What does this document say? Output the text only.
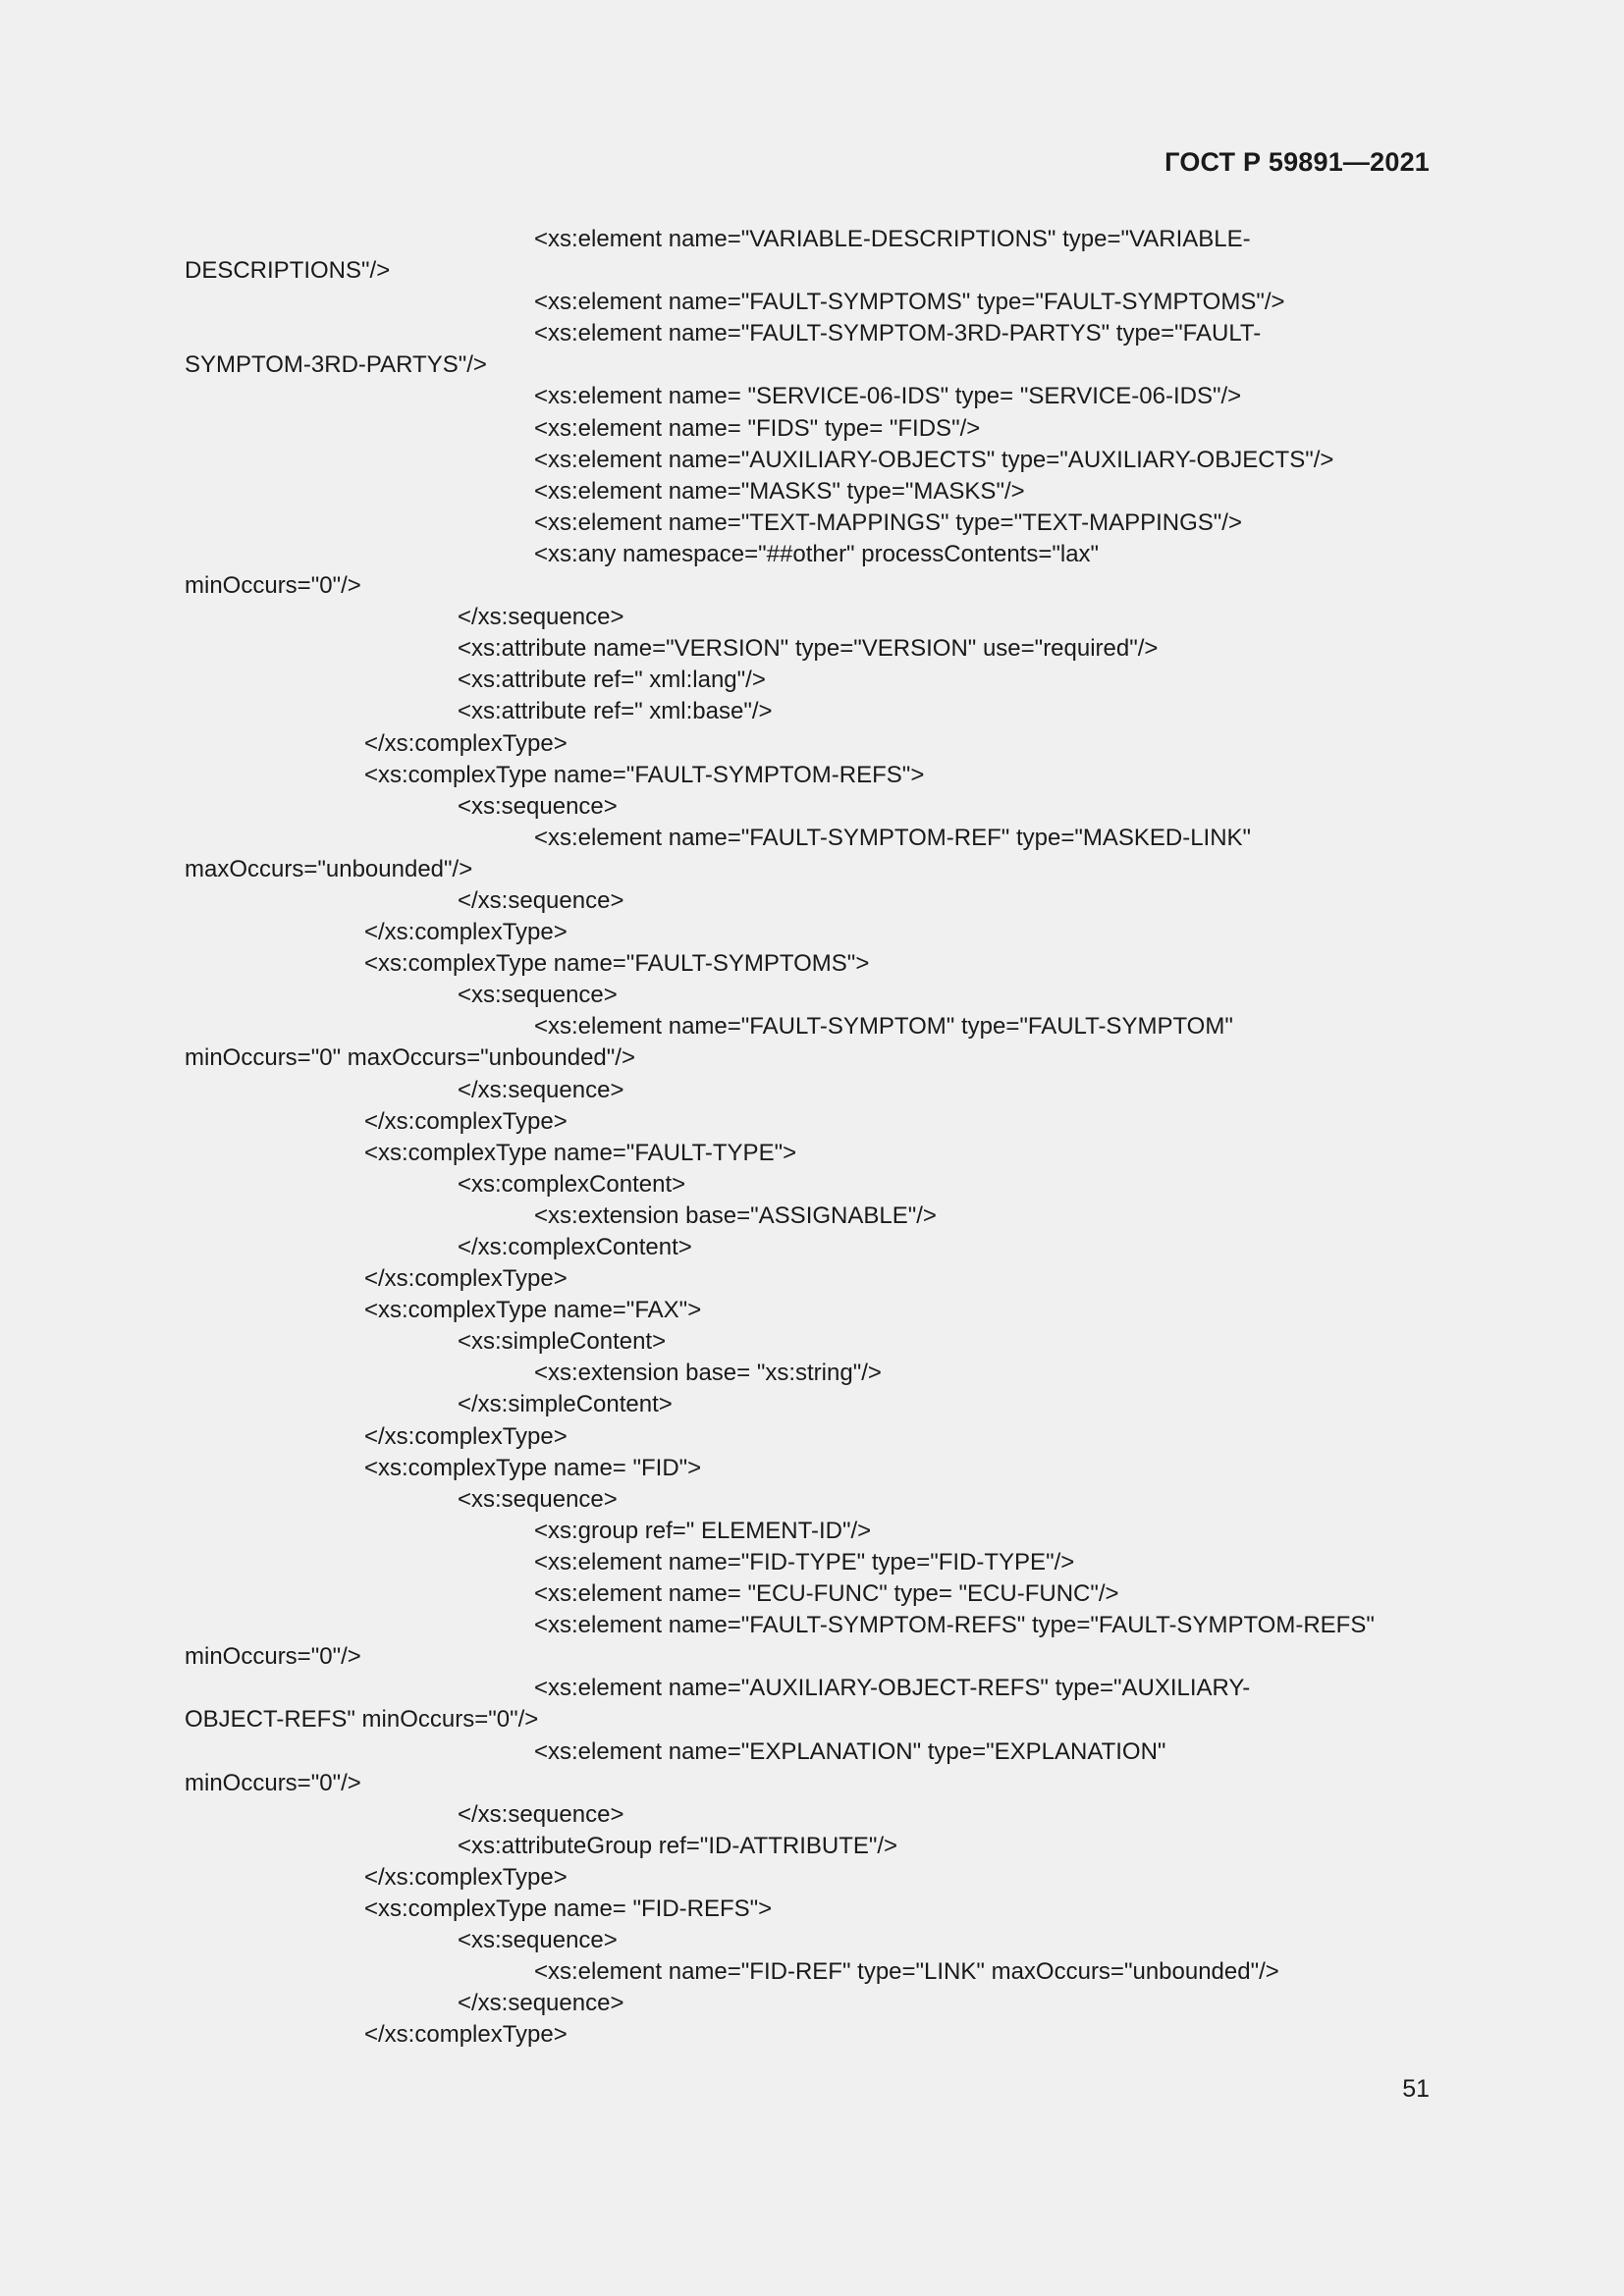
ГОСТ Р 59891—2021
<xs:element name="VARIABLE-DESCRIPTIONS" type="VARIABLE-
DESCRIPTIONS"/>
<xs:element name="FAULT-SYMPTOMS" type="FAULT-SYMPTOMS"/>
<xs:element name="FAULT-SYMPTOM-3RD-PARTYS" type="FAULT-
SYMPTOM-3RD-PARTYS"/>
<xs:element name= "SERVICE-06-IDS" type= "SERVICE-06-IDS"/>
<xs:element name= "FIDS" type= "FIDS"/>
<xs:element name="AUXILIARY-OBJECTS" type="AUXILIARY-OBJECTS"/>
<xs:element name="MASKS" type="MASKS"/>
<xs:element name="TEXT-MAPPINGS" type="TEXT-MAPPINGS"/>
<xs:any namespace="##other" processContents="lax"
minOccurs="0"/>
</xs:sequence>
<xs:attribute name="VERSION" type="VERSION" use="required"/>
<xs:attribute ref=" xml:lang"/>
<xs:attribute ref=" xml:base"/>
</xs:complexType>
<xs:complexType name="FAULT-SYMPTOM-REFS">
<xs:sequence>
<xs:element name="FAULT-SYMPTOM-REF" type="MASKED-LINK"
maxOccurs="unbounded"/>
</xs:sequence>
</xs:complexType>
<xs:complexType name="FAULT-SYMPTOMS">
<xs:sequence>
<xs:element name="FAULT-SYMPTOM" type="FAULT-SYMPTOM"
minOccurs="0" maxOccurs="unbounded"/>
</xs:sequence>
</xs:complexType>
<xs:complexType name="FAULT-TYPE">
<xs:complexContent>
<xs:extension base="ASSIGNABLE"/>
</xs:complexContent>
</xs:complexType>
<xs:complexType name="FAX">
<xs:simpleContent>
<xs:extension base= "xs:string"/>
</xs:simpleContent>
</xs:complexType>
<xs:complexType name= "FID">
<xs:sequence>
<xs:group ref=" ELEMENT-ID"/>
<xs:element name="FID-TYPE" type="FID-TYPE"/>
<xs:element name= "ECU-FUNC" type= "ECU-FUNC"/>
<xs:element name="FAULT-SYMPTOM-REFS" type="FAULT-SYMPTOM-REFS"
minOccurs="0"/>
<xs:element name="AUXILIARY-OBJECT-REFS" type="AUXILIARY-
OBJECT-REFS" minOccurs="0"/>
<xs:element name="EXPLANATION" type="EXPLANATION"
minOccurs="0"/>
</xs:sequence>
<xs:attributeGroup ref="ID-ATTRIBUTE"/>
</xs:complexType>
<xs:complexType name= "FID-REFS">
<xs:sequence>
<xs:element name="FID-REF" type="LINK" maxOccurs="unbounded"/>
</xs:sequence>
</xs:complexType>
51
